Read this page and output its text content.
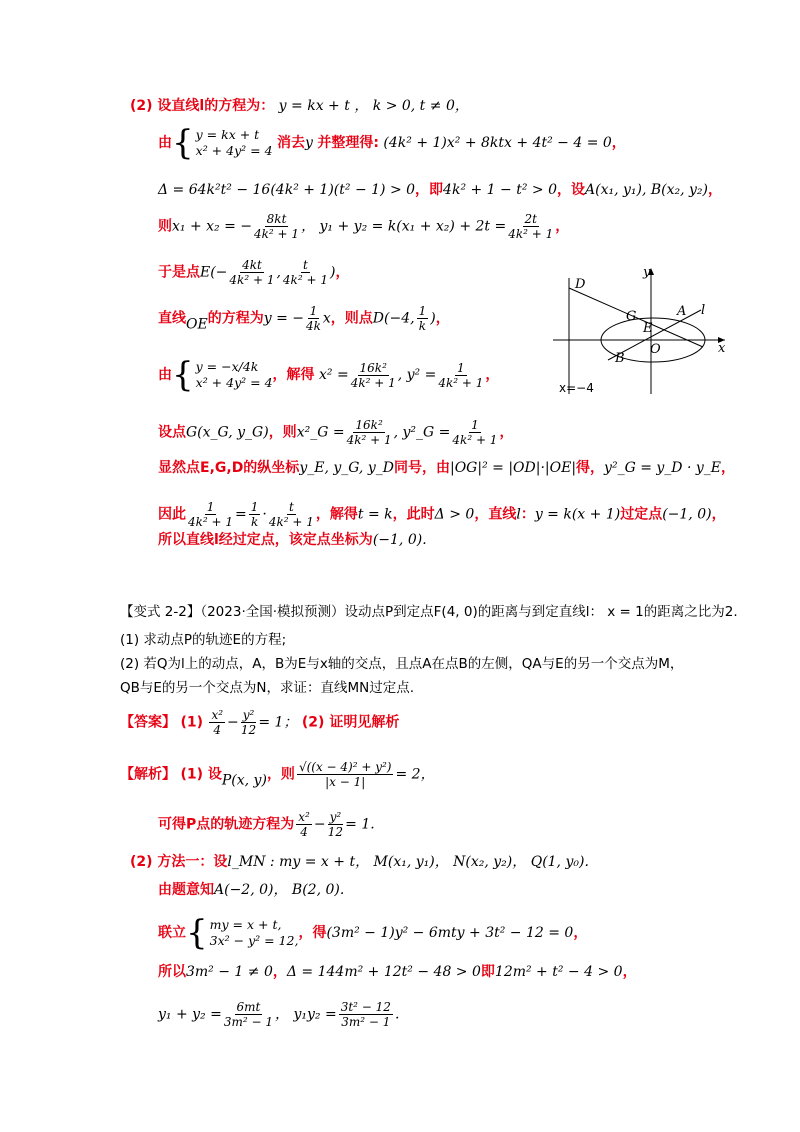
(2) 设直线l的方程为： y = kx + t ， k > 0, t ≠ 0，
由 { y = kx + t
x² + 4y² = 4 消去y 并整理得: (4k² + 1)x² + 8ktx + 4t² − 4 = 0，
Δ = 64k²t² − 16(4k² + 1)(t² − 1) > 0，即4k² + 1 − t² > 0，设A(x₁, y₁), B(x₂, y₂)，
则x₁ + x₂ = − $\frac{8kt}{\text{4k² + 1}}$ ， $y_1 + y_2 = k(x_1 + x_2) + 2t = \frac{2t}{\text{4k² + 1}}$ ，
于是点$E(- \frac{4kt}{\text{4k² + 1}}$ , $\frac{t}{\text{4k² + 1}}$ )，
直线OE的方程为y = − $\frac{1}{4k}$ x，则点D(−4, $\frac{1}{k}$ )，
由 { y = −x/4k
x² + 4y² = 4 ，解得 $x^2 = \frac{\text{16k²}}{\text{4k² + 1}}$ , $y^2 = \frac{1}{\text{4k² + 1}}$ ，
设点G(x_G, y_G)，则x²_G = $\frac{\text{16k²}}{\text{4k² + 1}}$ , y²_G = $\frac{1}{\text{4k² + 1}}$ ，
显然点E,G,D的纵坐标y_E, y_G, y_D同号，由|OG|² = |OD|·|OE|得，y²_G = y_D · y_E，
因此 $\frac{1}{\text{4k² + 1}} = \frac{1}{k} \cdot \frac{t}{\text{4k² + 1}}$ ，解得t = k，此时Δ > 0，直线l：y = k(x + 1)过定点(−1, 0)，
所以直线l经过定点，该定点坐标为(−1, 0).
D
G
E
A l
B
O	x
y
x=−4
【变式 2-2】（2023·全国·模拟预测）设动点P到定点F(4, 0)的距离与到定直线l： x = 1的距离之比为2.
(1) 求动点P的轨迹E的方程;
(2) 若Q为l上的动点，A，B为E与x轴的交点，且点A在点B的左侧，QA与E的另一个交点为M，
QB与E的另一个交点为N，求证：直线MN过定点.
【答案】 $(1) \frac{\text{x²}}{4} - \frac{\text{y²}}{12} = 1$； (2) 证明见解析
【解析】 (1) 设P(x, y)，则 $\frac{\text{√((x − 4)² + y²)}}{|x - 1|} = 2$，
可得P点的轨迹方程为 $\frac{\text{x²}}{4} - \frac{\text{y²}}{12} = 1$.
(2) 方法一：设l_MN : my = x + t， M(x₁, y₁)， N(x₂, y₂)， Q(1, y₀).
由题意知A(−2, 0)， B(2, 0).
联立 { my = x + t,
3x² − y² = 12, ，得(3m² − 1)y² − 6mty + 3t² − 12 = 0，
所以3m² − 1 ≠ 0，Δ = 144m² + 12t² − 48 > 0即12m² + t² − 4 > 0，
$y_1 + y_2 = \frac{6mt}{\text{3m² − 1}}$ ， $y_1y_2 = \frac{\text{3t² − 12}}{\text{3m² − 1}}$ .
